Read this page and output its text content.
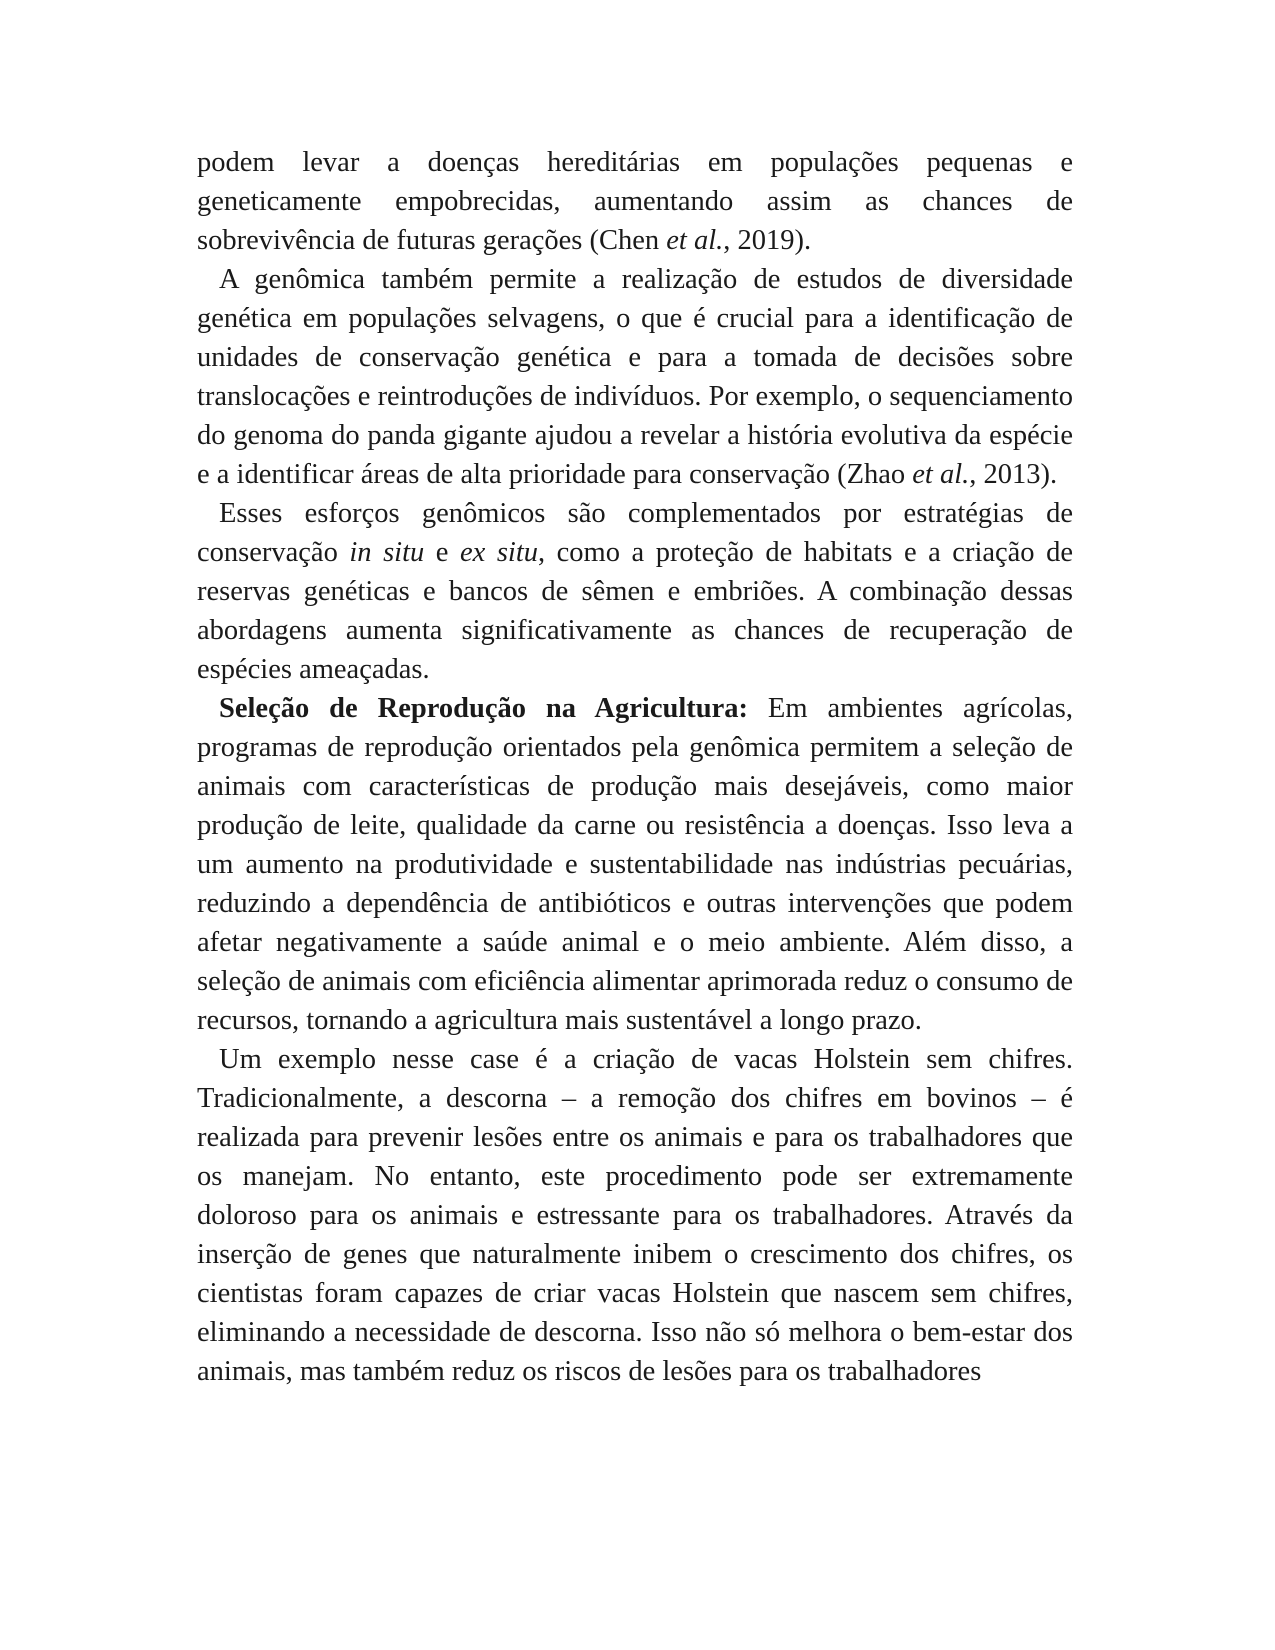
podem levar a doenças hereditárias em populações pequenas e geneticamente empobrecidas, aumentando assim as chances de sobrevivência de futuras gerações (Chen et al., 2019).

A genômica também permite a realização de estudos de diversidade genética em populações selvagens, o que é crucial para a identificação de unidades de conservação genética e para a tomada de decisões sobre translocações e reintroduções de indivíduos. Por exemplo, o sequenciamento do genoma do panda gigante ajudou a revelar a história evolutiva da espécie e a identificar áreas de alta prioridade para conservação (Zhao et al., 2013).

Esses esforços genômicos são complementados por estratégias de conservação in situ e ex situ, como a proteção de habitats e a criação de reservas genéticas e bancos de sêmen e embriões. A combinação dessas abordagens aumenta significativamente as chances de recuperação de espécies ameaçadas.

Seleção de Reprodução na Agricultura: Em ambientes agrícolas, programas de reprodução orientados pela genômica permitem a seleção de animais com características de produção mais desejáveis, como maior produção de leite, qualidade da carne ou resistência a doenças. Isso leva a um aumento na produtividade e sustentabilidade nas indústrias pecuárias, reduzindo a dependência de antibióticos e outras intervenções que podem afetar negativamente a saúde animal e o meio ambiente. Além disso, a seleção de animais com eficiência alimentar aprimorada reduz o consumo de recursos, tornando a agricultura mais sustentável a longo prazo.

Um exemplo nesse case é a criação de vacas Holstein sem chifres. Tradicionalmente, a descorna – a remoção dos chifres em bovinos – é realizada para prevenir lesões entre os animais e para os trabalhadores que os manejam. No entanto, este procedimento pode ser extremamente doloroso para os animais e estressante para os trabalhadores. Através da inserção de genes que naturalmente inibem o crescimento dos chifres, os cientistas foram capazes de criar vacas Holstein que nascem sem chifres, eliminando a necessidade de descorna. Isso não só melhora o bem-estar dos animais, mas também reduz os riscos de lesões para os trabalhadores
